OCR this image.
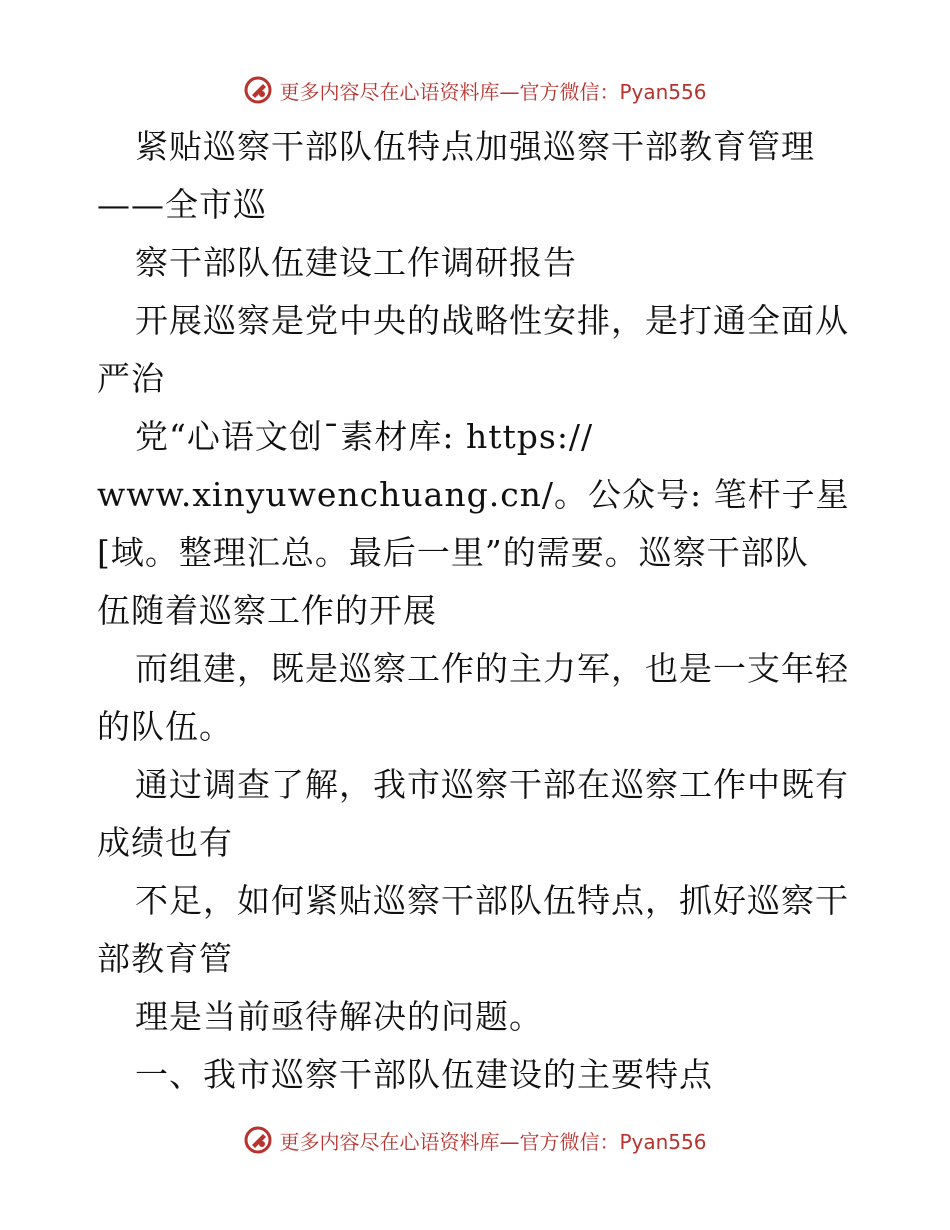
更多内容尽在心语资料库—官方微信：Pyan556
紧贴巡察干部队伍特点加强巡察干部教育管理
——全市巡
察干部队伍建设工作调研报告
开展巡察是党中央的战略性安排，是打通全面从
严治
党“心语文创¯素材库: https://
www.xinyuwenchuang.cn/。公众号: 笔杆子星
[域。整理汇总。最后一里”的需要。巡察干部队
伍随着巡察工作的开展
而组建，既是巡察工作的主力军，也是一支年轻
的队伍。
通过调查了解，我市巡察干部在巡察工作中既有
成绩也有
不足，如何紧贴巡察干部队伍特点，抓好巡察干
部教育管
理是当前亟待解决的问题。
一、我市巡察干部队伍建设的主要特点
更多内容尽在心语资料库—官方微信：Pyan556
